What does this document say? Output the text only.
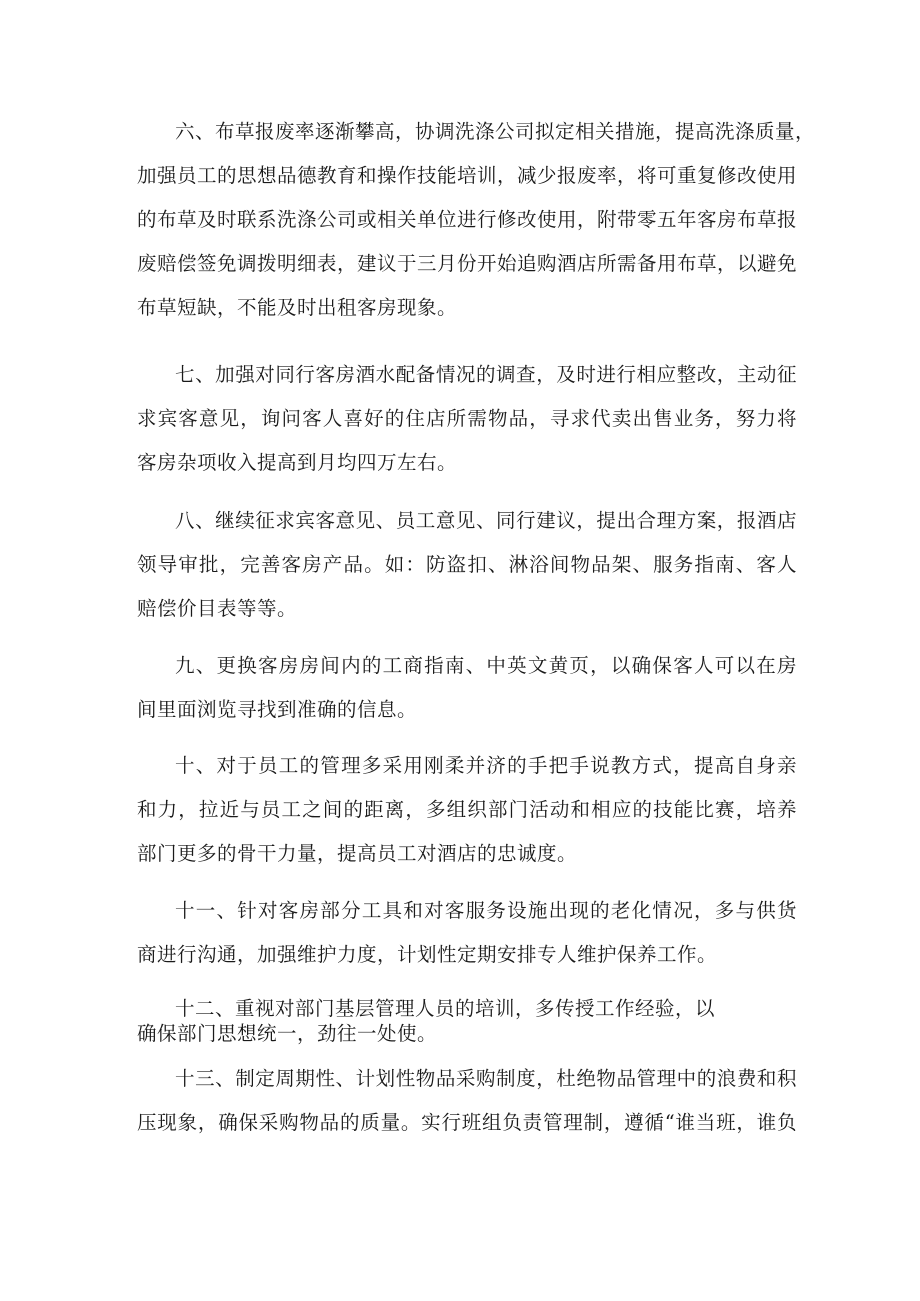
六、布草报废率逐渐攀高，协调洗涤公司拟定相关措施，提高洗涤质量，
加强员工的思想品德教育和操作技能培训，减少报废率，将可重复修改使用
的布草及时联系洗涤公司或相关单位进行修改使用，附带零五年客房布草报
废赔偿签免调拨明细表，建议于三月份开始追购酒店所需备用布草，以避免
布草短缺，不能及时出租客房现象。
七、加强对同行客房酒水配备情况的调查，及时进行相应整改，主动征
求宾客意见，询问客人喜好的住店所需物品，寻求代卖出售业务，努力将
客房杂项收入提高到月均四万左右。
八、继续征求宾客意见、员工意见、同行建议，提出合理方案，报酒店
领导审批，完善客房产品。如：防盗扣、淋浴间物品架、服务指南、客人
赔偿价目表等等。
九、更换客房房间内的工商指南、中英文黄页，以确保客人可以在房
间里面浏览寻找到准确的信息。
十、对于员工的管理多采用刚柔并济的手把手说教方式，提高自身亲
和力，拉近与员工之间的距离，多组织部门活动和相应的技能比赛，培养
部门更多的骨干力量，提高员工对酒店的忠诚度。
十一、针对客房部分工具和对客服务设施出现的老化情况，多与供货
商进行沟通，加强维护力度，计划性定期安排专人维护保养工作。
十二、重视对部门基层管理人员的培训，多传授工作经验，以
确保部门思想统一，劲往一处使。
十三、制定周期性、计划性物品采购制度，杜绝物品管理中的浪费和积
压现象，确保采购物品的质量。实行班组负责管理制，遵循“谁当班，谁负
